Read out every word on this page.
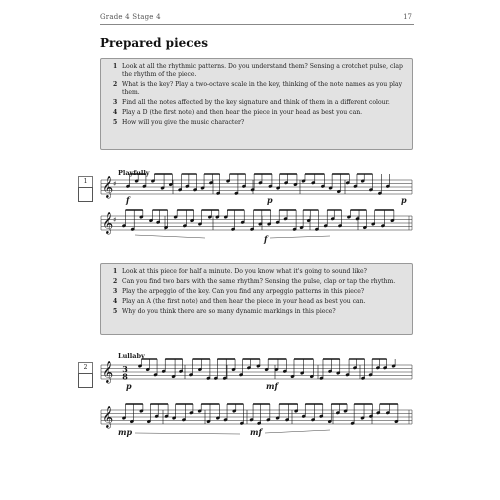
Grade 4 Stage 4	17
Prepared pieces
1 Look at all the rhythmic patterns. Do you understand them? Sensing a crotchet pulse, clap the rhythm of the piece.
2 What is the key? Play a two-octave scale in the key, thinking of the note names as you play them.
3 Find all the notes affected by the key signature and think of them in a different colour.
4 Play a D (the first note) and then hear the piece in your head as best you can.
5 How will you give the music character?
1
Playfully
𝄞 ♯
𝄞 ♯
1 Look at this piece for half a minute. Do you know what it's going to sound like?
2 Can you find two bars with the same rhythm? Sensing the pulse, clap or tap the rhythm.
3 Play the arpeggio of the key. Can you find any arpeggio patterns in this piece?
4 Play an A (the first note) and then hear the piece in your head as best you can.
5 Why do you think there are so many dynamic markings in this piece?
2
Lullaby
3
8
𝄞
𝄞
f	p	p
f
p	mf
mp	mf
